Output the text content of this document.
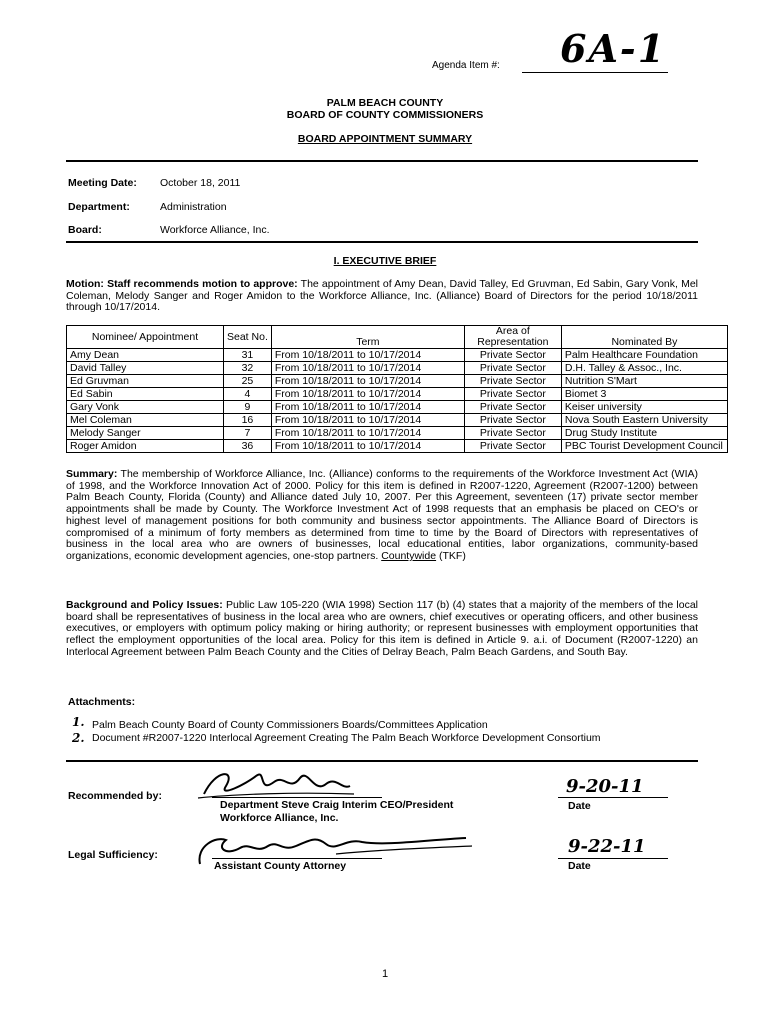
Agenda Item #: 6A-1
PALM BEACH COUNTY
BOARD OF COUNTY COMMISSIONERS
BOARD APPOINTMENT SUMMARY
Meeting Date: October 18, 2011
Department:	Administration
Board:	Workforce Alliance, Inc.
I. EXECUTIVE BRIEF
Motion: Staff recommends motion to approve: The appointment of Amy Dean, David Talley, Ed Gruvman, Ed Sabin, Gary Vonk, Mel Coleman, Melody Sanger and Roger Amidon to the Workforce Alliance, Inc. (Alliance) Board of Directors for the period 10/18/2011 through 10/17/2014.
Nominee/ Appointment	Seat No.	Term	Area of Representation	Nominated By
Amy Dean	31	From 10/18/2011 to 10/17/2014	Private Sector	Palm Healthcare Foundation
David Talley	32	From 10/18/2011 to 10/17/2014	Private Sector	D.H. Talley & Assoc., Inc.
Ed Gruvman	25	From 10/18/2011 to 10/17/2014	Private Sector	Nutrition S'Mart
Ed Sabin	4	From 10/18/2011 to 10/17/2014	Private Sector	Biomet 3
Gary Vonk	9	From 10/18/2011 to 10/17/2014	Private Sector	Keiser university
Mel Coleman	16	From 10/18/2011 to 10/17/2014	Private Sector	Nova South Eastern University
Melody Sanger	7	From 10/18/2011 to 10/17/2014	Private Sector	Drug Study Institute
Roger Amidon	36	From 10/18/2011 to 10/17/2014	Private Sector	PBC Tourist Development Council
Summary: The membership of Workforce Alliance, Inc. (Alliance) conforms to the requirements of the Workforce Investment Act (WIA) of 1998, and the Workforce Innovation Act of 2000. Policy for this item is defined in R2007-1220, Agreement (R2007-1200) between Palm Beach County, Florida (County) and Alliance dated July 10, 2007. Per this Agreement, seventeen (17) private sector member appointments shall be made by County. The Workforce Investment Act of 1998 requests that an emphasis be placed on CEO's or highest level of management positions for both community and business sector appointments. The Alliance Board of Directors is compromised of a minimum of forty members as determined from time to time by the Board of Directors with representatives of business in the local area who are owners of businesses, local educational entities, labor organizations, community-based organizations, economic development agencies, one-stop partners. Countywide (TKF)
Background and Policy Issues: Public Law 105-220 (WIA 1998) Section 117 (b) (4) states that a majority of the members of the local board shall be representatives of business in the local area who are owners, chief executives or operating officers, and other business executives, or employers with optimum policy making or hiring authority; or represent businesses with employment opportunities that reflect the employment opportunities of the local area. Policy for this item is defined in Article 9. a.i. of Document (R2007-1220) an Interlocal Agreement between Palm Beach County and the Cities of Delray Beach, Palm Beach Gardens, and South Bay.
Attachments:
1. Palm Beach County Board of County Commissioners Boards/Committees Application
2. Document #R2007-1220 Interlocal Agreement Creating The Palm Beach Workforce Development Consortium
Recommended by:
Department Steve Craig Interim CEO/President
Workforce Alliance, Inc.
9-20-11
Date
Legal Sufficiency:
Assistant County Attorney
9-22-11
Date
1
